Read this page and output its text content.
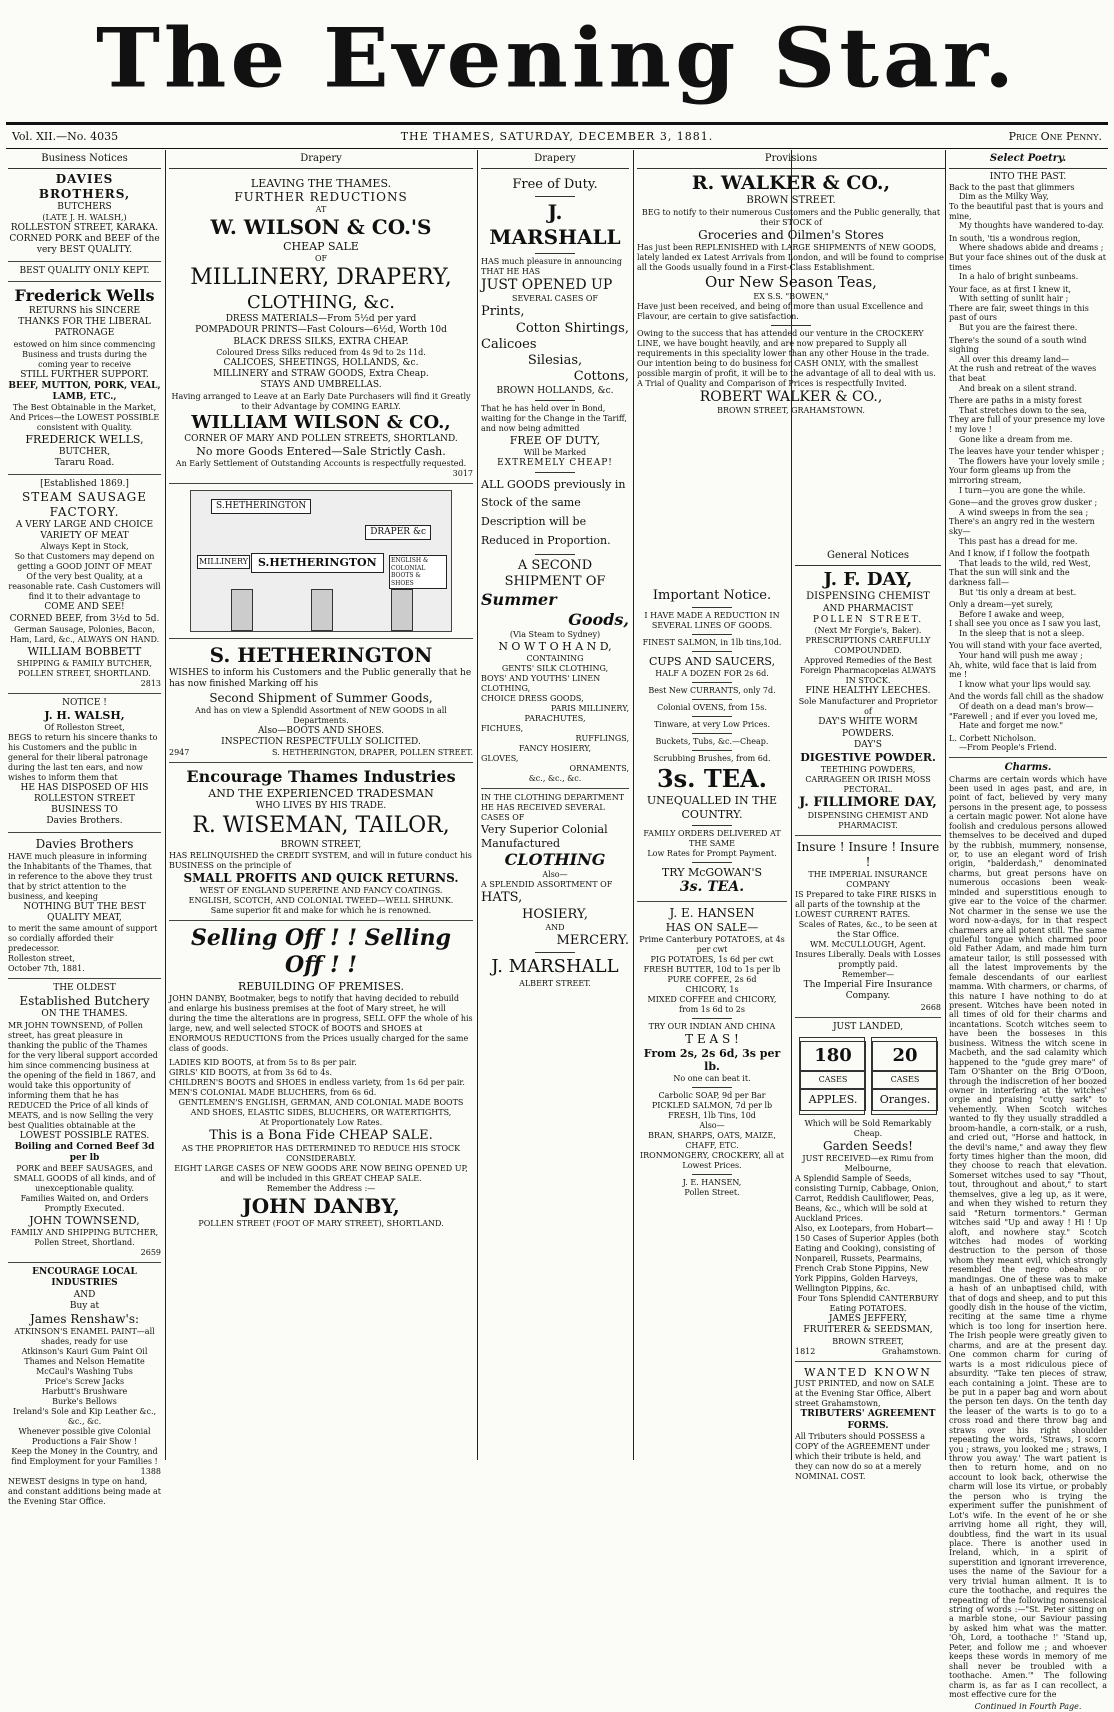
The Evening Star.
Vol. XII.—No. 4035	THE THAMES, SATURDAY, DECEMBER 3, 1881.	Price One Penny.
Business Notices
DAVIES BROTHERS,
BUTCHERS
(LATE J. H. WALSH,)
ROLLESTON STREET, KARAKA.
CORNED PORK and BEEF of the very BEST QUALITY.
BEST QUALITY ONLY KEPT.
Frederick Wells
RETURNS his SINCERE THANKS FOR THE LIBERAL PATRONAGE
estowed on him since commencing Business and trusts during the coming year to receive
STILL FURTHER SUPPORT.
BEEF, MUTTON, PORK, VEAL, LAMB, ETC.,
The Best Obtainable in the Market,
And Prices—the LOWEST POSSIBLE consistent with Quality.
FREDERICK WELLS,
BUTCHER,
Tararu Road.
[Established 1869.]
STEAM SAUSAGE FACTORY.
A VERY LARGE AND CHOICE VARIETY OF MEAT
Always Kept in Stock,
So that Customers may depend on getting a GOOD JOINT OF MEAT
Of the very best Quality, at a reasonable rate. Cash Customers will find it to their advantage to
COME AND SEE!
CORNED BEEF, from 3½d to 5d.
German Sausage, Polonies, Bacon, Ham, Lard, &c., ALWAYS ON HAND.
WILLIAM BOBBETT
SHIPPING & FAMILY BUTCHER, POLLEN STREET, SHORTLAND.
2813
NOTICE !
J. H. WALSH,
Of Rolleston Street,
BEGS to return his sincere thanks to his Customers and the public in general for their liberal patronage during the last ten ears, and now wishes to inform them that
HE HAS DISPOSED OF HIS
ROLLESTON STREET BUSINESS TO
Davies Brothers.
Davies Brothers
HAVE much pleasure in informing the Inhabitants of the Thames, that in reference to the above they trust that by strict attention to the business, and keeping
NOTHING BUT THE BEST QUALITY MEAT,
to merit the same amount of support so cordially afforded their predecessor.
Rolleston street,
October 7th, 1881.
THE OLDEST
Established Butchery
ON THE THAMES.
MR JOHN TOWNSEND, of Pollen street, has great pleasure in thanking the public of the Thames for the very liberal support accorded him since commencing business at the opening of the field in 1867, and would take this opportunity of informing them that he has REDUCED the Price of all kinds of MEATS, and is now Selling the very best Qualities obtainable at the
LOWEST POSSIBLE RATES.
Boiling and Corned Beef 3d per lb
PORK and BEEF SAUSAGES, and SMALL GOODS of all kinds, and of unexceptionable quality.
Families Waited on, and Orders Promptly Executed.
JOHN TOWNSEND,
FAMILY AND SHIPPING BUTCHER, Pollen Street, Shortland.
2659
ENCOURAGE LOCAL INDUSTRIES
AND
Buy at
James Renshaw's:
ATKINSON'S ENAMEL PAINT—all shades, ready for use
Atkinson's Kauri Gum Paint Oil
Thames and Nelson Hematite
McCaul's Washing Tubs
Price's Screw Jacks
Harbutt's Brushware
Burke's Bellows
Ireland's Sole and Kip Leather &c., &c., &c.
Whenever possible give Colonial Productions a Fair Show !
Keep the Money in the Country, and find Employment for your Families !
1388
NEWEST designs in type on hand, and constant additions being made at the Evening Star Office.
Drapery
LEAVING THE THAMES.
FURTHER REDUCTIONS
AT
W. WILSON & CO.'S
CHEAP SALE
OF
MILLINERY, DRAPERY,
CLOTHING, &c.
DRESS MATERIALS—From 5½d per yard
POMPADOUR PRINTS—Fast Colours—6½d, Worth 10d
BLACK DRESS SILKS, EXTRA CHEAP.
Coloured Dress Silks reduced from 4s 9d to 2s 11d.
CALICOES, SHEETINGS, HOLLANDS, &c.
MILLINERY and STRAW GOODS, Extra Cheap.
STAYS AND UMBRELLAS.
Having arranged to Leave at an Early Date Purchasers will find it Greatly to their Advantage by COMING EARLY.
WILLIAM WILSON & CO.,
CORNER OF MARY AND POLLEN STREETS, SHORTLAND.
No more Goods Entered—Sale Strictly Cash.
An Early Settlement of Outstanding Accounts is respectfully requested.
3017
S.HETHERINGTON
DRAPER &c
S.HETHERINGTON
MILLINERY	ENGLISH & COLONIAL BOOTS & SHOES
S. HETHERINGTON
WISHES to inform his Customers and the Public generally that he has now finished Marking off his
Second Shipment of Summer Goods,
And has on view a Splendid Assortment of NEW GOODS in all Departments.
Also—BOOTS AND SHOES.
INSPECTION RESPECTFULLY SOLICITED.
2947	S. HETHERINGTON, DRAPER, POLLEN STREET.
Encourage Thames Industries
AND THE EXPERIENCED TRADESMAN
WHO LIVES BY HIS TRADE.
R. WISEMAN, TAILOR,
BROWN STREET,
HAS RELINQUISHED the CREDIT SYSTEM, and will in future conduct his BUSINESS on the principle of
SMALL PROFITS AND QUICK RETURNS.
WEST OF ENGLAND SUPERFINE AND FANCY COATINGS.
ENGLISH, SCOTCH, AND COLONIAL TWEED—WELL SHRUNK.
Same superior fit and make for which he is renowned.
Selling Off ! ! Selling Off ! !
REBUILDING OF PREMISES.
JOHN DANBY, Bootmaker, begs to notify that having decided to rebuild and enlarge his business premises at the foot of Mary street, he will during the time the alterations are in progress, SELL OFF the whole of his large, new, and well selected STOCK of BOOTS and SHOES at ENORMOUS REDUCTIONS from the Prices usually charged for the same class of goods.
LADIES KID BOOTS, at from 5s to 8s per pair.
GIRLS' KID BOOTS, at from 3s 6d to 4s.
CHILDREN'S BOOTS and SHOES in endless variety, from 1s 6d per pair.
MEN'S COLONIAL MADE BLUCHERS, from 6s 6d.
GENTLEMEN'S ENGLISH, GERMAN, AND COLONIAL MADE BOOTS AND SHOES, ELASTIC SIDES, BLUCHERS, OR WATERTIGHTS,
At Proportionately Low Rates.
This is a Bona Fide CHEAP SALE.
AS THE PROPRIETOR HAS DETERMINED TO REDUCE HIS STOCK CONSIDERABLY.
EIGHT LARGE CASES OF NEW GOODS ARE NOW BEING OPENED UP, and will be included in this GREAT CHEAP SALE.
Remember the Address :—
JOHN DANBY,
POLLEN STREET (FOOT OF MARY STREET), SHORTLAND.
Drapery
Free of Duty.
J. MARSHALL
HAS much pleasure in announcing THAT HE HAS
JUST OPENED UP
SEVERAL CASES OF
Prints,
Cotton Shirtings,
Calicoes
Silesias,
Cottons,
BROWN HOLLANDS, &c.
That he has held over in Bond, waiting for the Change in the Tariff, and now being admitted
FREE OF DUTY,
Will be Marked
EXTREMELY CHEAP!
ALL GOODS previously in Stock of the same Description will be Reduced in Proportion.
A SECOND SHIPMENT OF
Summer
Goods,
(Via Steam to Sydney)
N O W T O H A N D,
CONTAINING
GENTS' SILK CLOTHING,
BOYS' AND YOUTHS' LINEN CLOTHING,
CHOICE DRESS GOODS,
PARIS MILLINERY,
PARACHUTES,
FICHUES,
RUFFLINGS,
FANCY HOSIERY,
GLOVES,
ORNAMENTS,
&c., &c., &c.
IN THE CLOTHING DEPARTMENT HE HAS RECEIVED SEVERAL CASES OF
Very Superior Colonial Manufactured
CLOTHING
Also—
A SPLENDID ASSORTMENT OF
HATS,
HOSIERY,
AND
MERCERY.
J. MARSHALL
ALBERT STREET.
Provisions
R. WALKER & CO.,
BROWN STREET.
BEG to notify to their numerous Customers and the Public generally, that their STOCK of
Groceries and Oilmen's Stores
Has just been REPLENISHED with LARGE SHIPMENTS of NEW GOODS, lately landed ex Latest Arrivals from London, and will be found to comprise all the Goods usually found in a First-Class Establishment.
Our New Season Teas,
EX S.S. "BOWEN,"
Have just been received, and being of more than usual Excellence and Flavour, are certain to give satisfaction.
Owing to the success that has attended our venture in the CROCKERY LINE, we have bought heavily, and are now prepared to Supply all requirements in this speciality lower than any other House in the trade.
Our intention being to do business for CASH ONLY, with the smallest possible margin of profit, it will be to the advantage of all to deal with us.
A Trial of Quality and Comparison of Prices is respectfully Invited.
ROBERT WALKER & CO.,
BROWN STREET, GRAHAMSTOWN.
Important Notice.
I HAVE MADE A REDUCTION IN SEVERAL LINES OF GOODS.
FINEST SALMON, in 1lb tins,10d.
CUPS AND SAUCERS,
HALF A DOZEN FOR 2s 6d.
Best New CURRANTS, only 7d.
Colonial OVENS, from 15s.
Tinware, at very Low Prices.
Buckets, Tubs, &c.—Cheap.
Scrubbing Brushes, from 6d.
3s. TEA.
UNEQUALLED IN THE COUNTRY.
FAMILY ORDERS DELIVERED AT THE SAME
Low Rates for Prompt Payment.
TRY McGOWAN'S
3s. TEA.
J. E. HANSEN
HAS ON SALE—
Prime Canterbury POTATOES, at 4s per cwt
PIG POTATOES, 1s 6d per cwt
FRESH BUTTER, 10d to 1s per lb
PURE COFFEE, 2s 6d
CHICORY, 1s
MIXED COFFEE and CHICORY, from 1s 6d to 2s
TRY OUR INDIAN AND CHINA
T E A S !
From 2s, 2s 6d, 3s per lb.
No one can beat it.
Carbolic SOAP, 9d per Bar
PICKLED SALMON, 7d per lb
FRESH, 1lb Tins, 10d
Also—
BRAN, SHARPS, OATS, MAIZE, CHAFF, ETC.
IRONMONGERY, CROCKERY, all at Lowest Prices.
J. E. HANSEN,
Pollen Street.
General Notices
J. F. DAY,
DISPENSING CHEMIST
AND PHARMACIST
POLLEN STREET.
(Next Mr Forgie's, Baker).
PRESCRIPTIONS CAREFULLY COMPOUNDED.
Approved Remedies of the Best Foreign Pharmacopœias ALWAYS IN STOCK.
FINE HEALTHY LEECHES.
Sole Manufacturer and Proprietor of
DAY'S WHITE WORM POWDERS.
DAY'S
DIGESTIVE POWDER.
TEETHING POWDERS, CARRAGEEN OR IRISH MOSS PECTORAL.
J. FILLIMORE DAY,
DISPENSING CHEMIST AND PHARMACIST.
Insure ! Insure ! Insure !
THE IMPERIAL INSURANCE COMPANY
IS Prepared to take FIRE RISKS in all parts of the township at the LOWEST CURRENT RATES.
Scales of Rates, &c., to be seen at the Star Office.
WM. McCULLOUGH, Agent.
Insures Liberally. Deals with Losses promptly paid.
Remember—
The Imperial Fire Insurance Company.
2668
JUST LANDED,
180
CASES
APPLES.
20
CASES
Oranges.
Which will be Sold Remarkably Cheap.
Garden Seeds!
JUST RECEIVED—ex Rimu from Melbourne,
A Splendid Sample of Seeds, consisting Turnip, Cabbage, Onion, Carrot, Reddish Cauliflower, Peas, Beans, &c., which will be sold at Auckland Prices.
Also, ex Lootepars, from Hobart—150 Cases of Superior Apples (both Eating and Cooking), consisting of Nonpareil, Russets, Pearmains, French Crab Stone Pippins, New York Pippins, Golden Harveys, Wellington Pippins, &c.
Four Tons Splendid CANTERBURY Eating POTATOES.
JAMES JEFFERY,
FRUITERER & SEEDSMAN,
BROWN STREET,
1812	Grahamstown.
WANTED KNOWN
JUST PRINTED, and now on SALE at the Evening Star Office, Albert street Grahamstown,
TRIBUTERS' AGREEMENT FORMS.
All Tributers should POSSESS a COPY of the AGREEMENT under which their tribute is held, and they can now do so at a merely NOMINAL COST.
Select Poetry.
INTO THE PAST.
Back to the past that glimmers
Dim as the Milky Way,
To the beautiful past that is yours and mine,
My thoughts have wandered to-day.
In south, 'tis a wondrous region,
Where shadows abide and dreams ;
But your face shines out of the dusk at times
In a halo of bright sunbeams.
Your face, as at first I knew it,
With setting of sunlit hair ;
There are fair, sweet things in this past of ours
But you are the fairest there.
There's the sound of a south wind sighing
All over this dreamy land—
At the rush and retreat of the waves that beat
And break on a silent strand.
There are paths in a misty forest
That stretches down to the sea,
They are full of your presence my love ! my love !
Gone like a dream from me.
The leaves have your tender whisper ;
The flowers have your lovely smile ;
Your form gleams up from the mirroring stream,
I turn—you are gone the while.
Gone—and the groves grow dusker ;
A wind sweeps in from the sea ;
There's an angry red in the western sky—
This past has a dread for me.
And I know, if I follow the footpath
That leads to the wild, red West,
That the sun will sink and the darkness fall—
But 'tis only a dream at best.
Only a dream—yet surely,
Before I awake and weep,
I shall see you once as I saw you last,
In the sleep that is not a sleep.
You will stand with your face averted,
Your hand will push me away ;
Ah, white, wild face that is laid from me !
I know what your lips would say.
And the words fall chill as the shadow
Of death on a dead man's brow—
"Farewell ; and if ever you loved me,
Hate and forget me now."
L. Corbett Nicholson.
—From People's Friend.
Charms.
Charms are certain words which have been used in ages past, and are, in point of fact, believed by very many persons in the present age, to possess a certain magic power. Not alone have foolish and credulous persons allowed themselves to be deceived and duped by the rubbish, mummery, nonsense, or, to use an elegant word of Irish origin, "balderdash," denominated charms, but great persons have on numerous occasions been weak-minded and superstitious enough to give ear to the voice of the charmer. Not charmer in the sense we use the word now-a-days, for in that respect charmers are all potent still. The same guileful tongue which charmed poor old Father Adam, and made him turn amateur tailor, is still possessed with all the latest improvements by the female descendants of our earliest mamma. With charmers, or charms, of this nature I have nothing to do at present. Witches have been noted in all times of old for their charms and incantations. Scotch witches seem to have been the bosseses in this business. Witness the witch scene in Macbeth, and the sad calamity which happened to the "gude grey mare" of Tam O'Shanter on the Brig O'Doon, through the indiscretion of her boozed owner in interfering at the witches' orgie and praising "cutty sark" to vehemently. When Scotch witches wanted to fly they usually straddled a broom-handle, a corn-stalk, or a rush, and cried out, "Horse and hattock, in the devil's name," and away they flew forty times higher than the moon, did they choose to reach that elevation. Somerset witches used to say "Thout, tout, throughout and about," to start themselves, give a leg up, as it were, and when they wished to return they said "Return tormentors." German witches said "Up and away ! Hi ! Up aloft, and nowhere stay." Scotch witches had modes of working destruction to the person of those whom they meant evil, which strongly resembled the negro obeahs or mandingas. One of these was to make a hash of an unbaptised child, with that of dogs and sheep, and to put this goodly dish in the house of the victim, reciting at the same time a rhyme which is too long for insertion here. The Irish people were greatly given to charms, and are at the present day. One common charm for curing of warts is a most ridiculous piece of absurdity. "Take ten pieces of straw, each containing a joint. These are to be put in a paper bag and worn about the person ten days. On the tenth day the leaser of the warts is to go to a cross road and there throw bag and straws over his right shoulder repeating the words, 'Straws, I scorn you ; straws, you looked me ; straws, I throw you away.' The wart patient is then to return home, and on no account to look back, otherwise the charm will lose its virtue, or probably the person who is trying the experiment suffer the punishment of Lot's wife. In the event of he or she arriving home all right, they will, doubtless, find the wart in its usual place. There is another used in Ireland, which, in a spirit of superstition and ignorant irreverence, uses the name of the Saviour for a very trivial human ailment. It is to cure the toothache, and requires the repeating of the following nonsensical string of words :—"St. Peter sitting on a marble stone, our Saviour passing by asked him what was the matter. 'Oh, Lord, a toothache !' 'Stand up, Peter, and follow me ; and whoever keeps these words in memory of me shall never be troubled with a toothache. Amen.'" The following charm is, as far as I can recollect, a most effective cure for the
Continued in Fourth Page.
